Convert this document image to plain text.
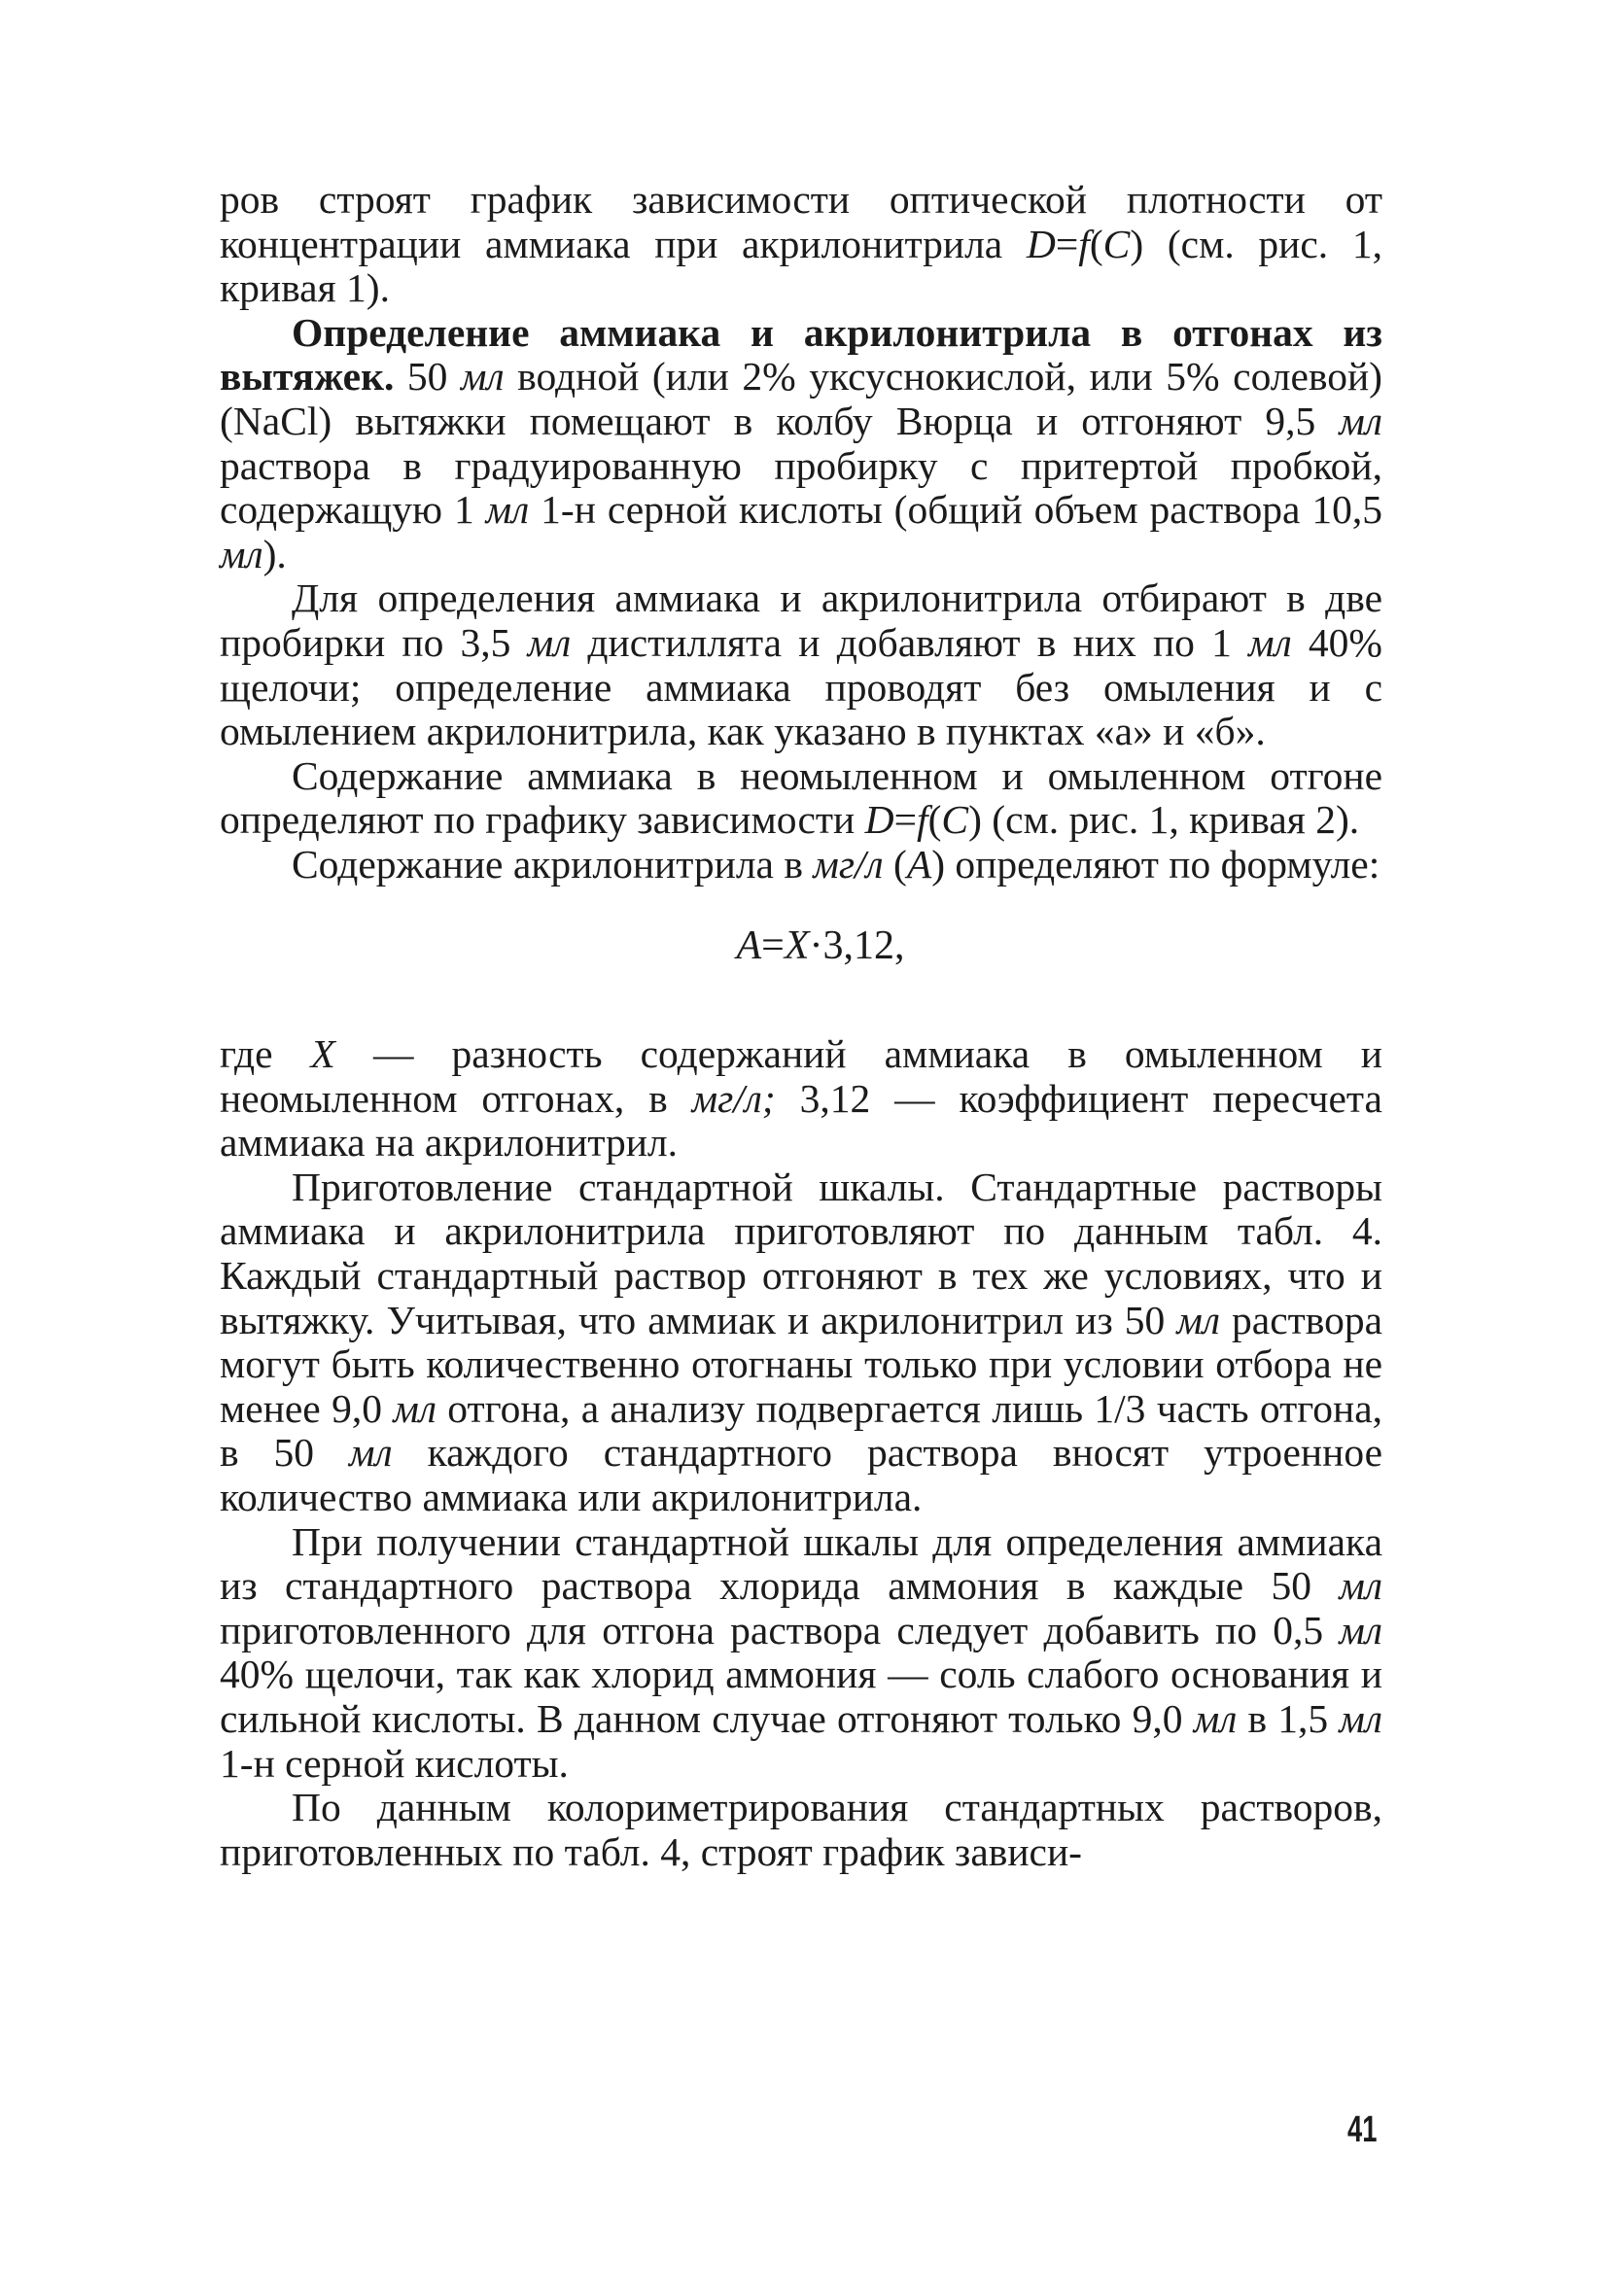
ров строят график зависимости оптической плотности от концентрации аммиака при акрилонитрила D=f(C) (см. рис. 1, кривая 1).

Определение аммиака и акрилонитрила в отгонах из вытяжек. 50 мл водной (или 2% уксуснокислой, или 5% солевой) (NaCl) вытяжки помещают в колбу Вюрца и отгоняют 9,5 мл раствора в градуированную пробирку с притертой пробкой, содержащую 1 мл 1-н серной кислоты (общий объем раствора 10,5 мл).

Для определения аммиака и акрилонитрила отбирают в две пробирки по 3,5 мл дистиллята и добавляют в них по 1 мл 40% щелочи; определение аммиака проводят без омыления и с омылением акрилонитрила, как указано в пунктах «а» и «б».

Содержание аммиака в неомыленном и омыленном отгоне определяют по графику зависимости D=f(C) (см. рис. 1, кривая 2).

Содержание акрилонитрила в мг/л (А) определяют по формуле:

А=X·3,12,

где X — разность содержаний аммиака в омыленном и неомыленном отгонах, в мг/л; 3,12 — коэффициент пересчета аммиака на акрилонитрил.

Приготовление стандартной шкалы. Стандартные растворы аммиака и акрилонитрила приготовляют по данным табл. 4. Каждый стандартный раствор отгоняют в тех же условиях, что и вытяжку. Учитывая, что аммиак и акрилонитрил из 50 мл раствора могут быть количественно отогнаны только при условии отбора не менее 9,0 мл отгона, а анализу подвергается лишь 1/3 часть отгона, в 50 мл каждого стандартного раствора вносят утроенное количество аммиака или акрилонитрила.

При получении стандартной шкалы для определения аммиака из стандартного раствора хлорида аммония в каждые 50 мл приготовленного для отгона раствора следует добавить по 0,5 мл 40% щелочи, так как хлорид аммония — соль слабого основания и сильной кислоты. В данном случае отгоняют только 9,0 мл в 1,5 мл 1-н серной кислоты.

По данным колориметрирования стандартных растворов, приготовленных по табл. 4, строят график зависи-

41
